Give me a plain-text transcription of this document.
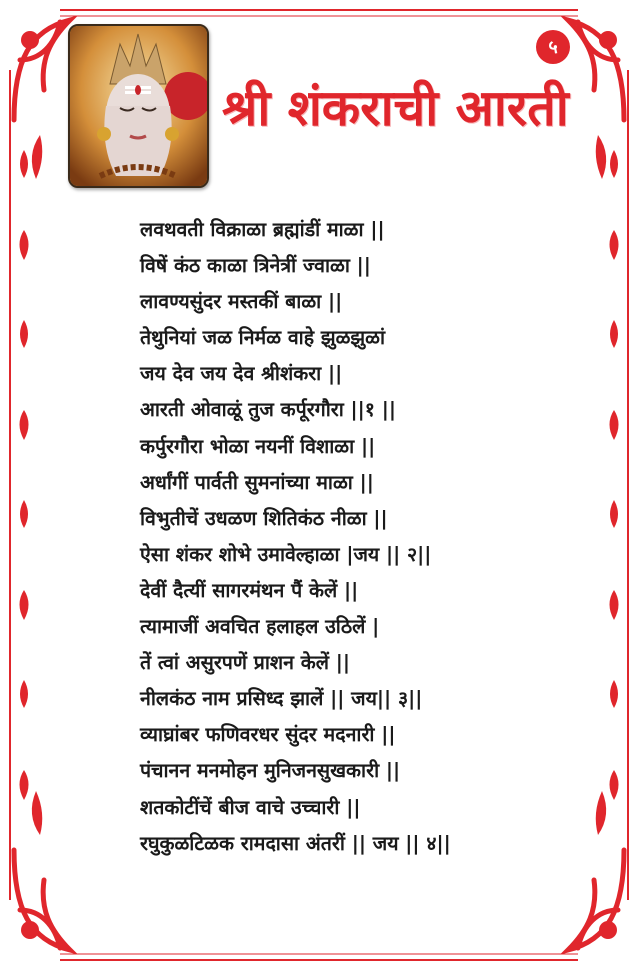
५
श्री शंकराची आरती
लवथवती विक्राळा ब्रह्मांडीं माळा ||
विषें कंठ काळा त्रिनेत्रीं ज्वाळा ||
लावण्यसुंदर मस्तकीं बाळा ||
तेथुनियां जळ निर्मळ वाहे झुळझुळां
जय देव जय देव श्रीशंकरा ||
आरती ओवाळूं तुज कर्पूरगौरा ||१ ||
कर्पुरगौरा भोळा नयनीं विशाळा ||
अर्धांगीं पार्वती सुमनांच्या माळा ||
विभुतीचें उधळण शितिकंठ नीळा ||
ऐसा शंकर शोभे उमावेल्हाळा |जय || २||
देवीं दैत्यीं सागरमंथन पैं केलें ||
त्यामाजीं अवचित हलाहल उठिलें |
तें त्वां असुरपणें प्राशन केलें ||
नीलकंठ नाम प्रसिध्द झालें || जय|| ३||
व्याघ्रांबर फणिवरधर सुंदर मदनारी ||
पंचानन मनमोहन मुनिजनसुखकारी ||
शतकोटींचें बीज वाचे उच्चारी ||
रघुकुळटिळक रामदासा अंतरीं || जय || ४||
